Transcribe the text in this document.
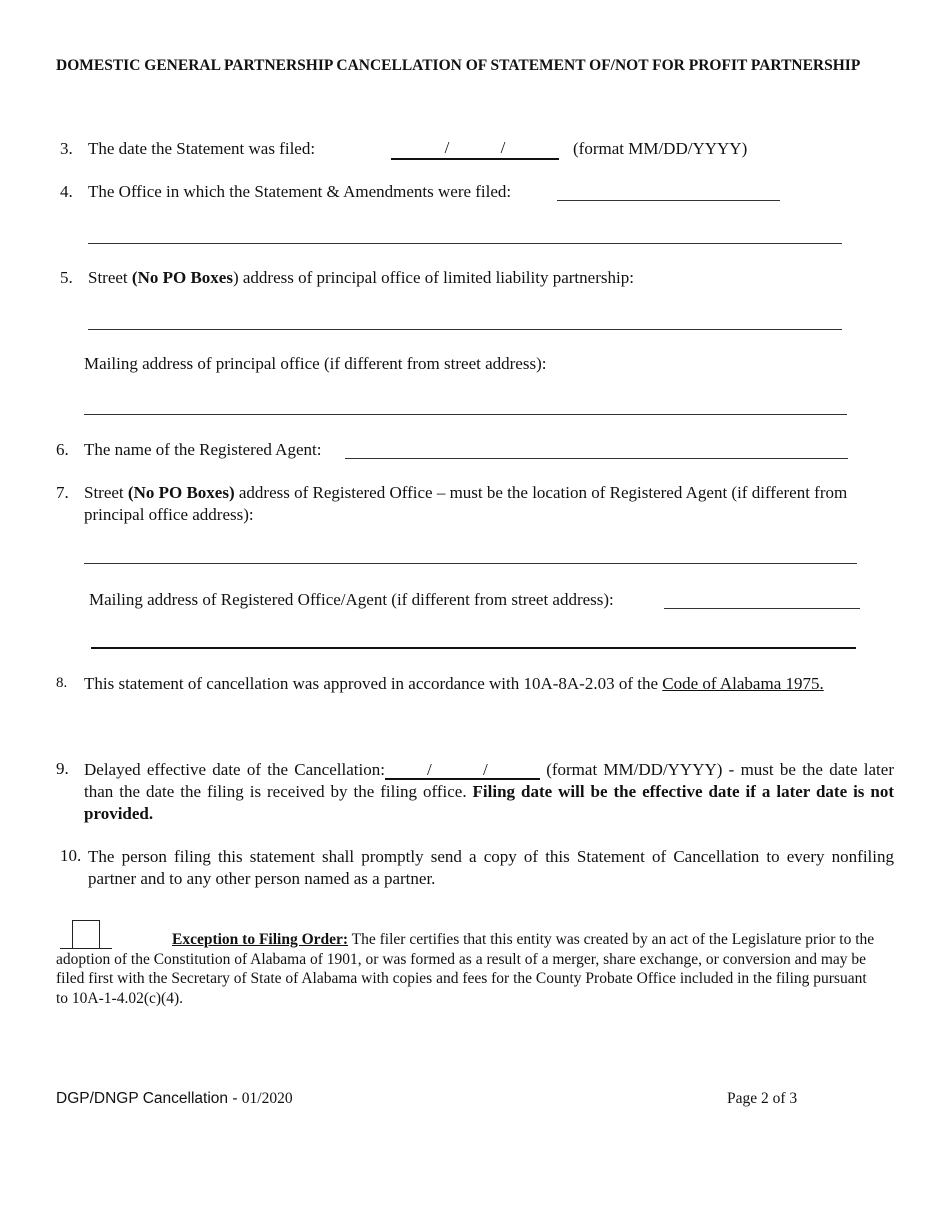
DOMESTIC GENERAL PARTNERSHIP CANCELLATION OF STATEMENT OF/NOT FOR PROFIT PARTNERSHIP
3. The date the Statement was filed:	/	/	(format MM/DD/YYYY)
4. The Office in which the Statement & Amendments were filed:
5. Street (No PO Boxes) address of principal office of limited liability partnership:
Mailing address of principal office (if different from street address):
6. The name of the Registered Agent:
7. Street (No PO Boxes) address of Registered Office – must be the location of Registered Agent (if different from principal office address):
Mailing address of Registered Office/Agent (if different from street address):
8. This statement of cancellation was approved in accordance with 10A-8A-2.03 of the Code of Alabama 1975.
9. Delayed effective date of the Cancellation: /	/	(format MM/DD/YYYY) - must be the date later than the date the filing is received by the filing office. Filing date will be the effective date if a later date is not provided.
10. The person filing this statement shall promptly send a copy of this Statement of Cancellation to every nonfiling partner and to any other person named as a partner.
Exception to Filing Order: The filer certifies that this entity was created by an act of the Legislature prior to the adoption of the Constitution of Alabama of 1901, or was formed as a result of a merger, share exchange, or conversion and may be filed first with the Secretary of State of Alabama with copies and fees for the County Probate Office included in the filing pursuant to 10A-1-4.02(c)(4).
DGP/DNGP Cancellation - 01/2020	Page 2 of 3
